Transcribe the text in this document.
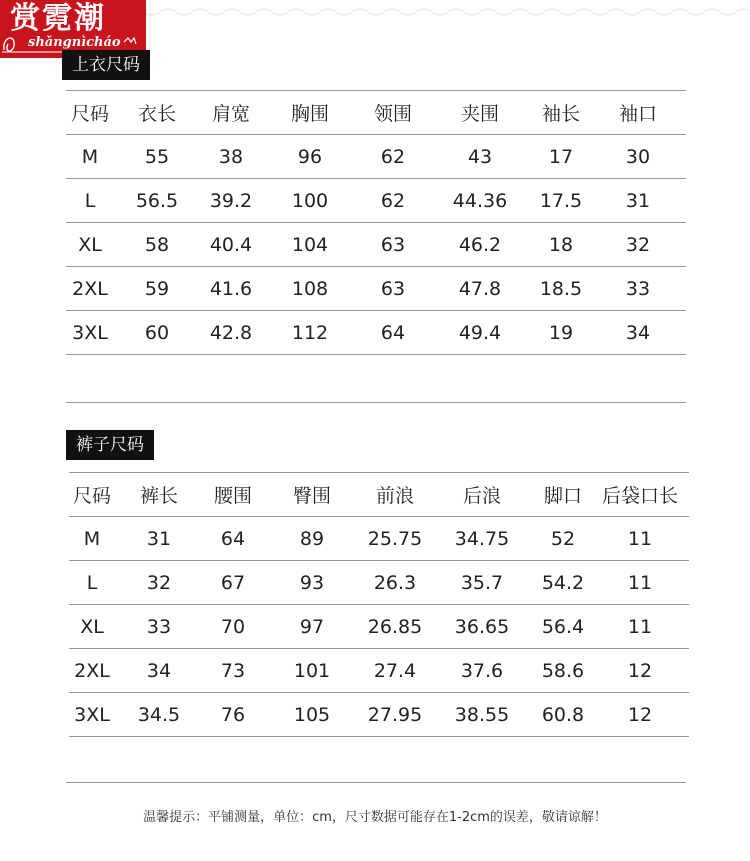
赏霓潮
shǎngnìcháo
上衣尺码
尺码	衣长	肩宽	胸围	领围	夹围	袖长	袖口
M	55	38	96	62	43	17	30
L	56.5	39.2	100	62	44.36	17.5	31
XL	58	40.4	104	63	46.2	18	32
2XL	59	41.6	108	63	47.8	18.5	33
3XL	60	42.8	112	64	49.4	19	34
裤子尺码
尺码	裤长	腰围	臀围	前浪	后浪	脚口	后袋口长
M	31	64	89	25.75	34.75	52	11
L	32	67	93	26.3	35.7	54.2	11
XL	33	70	97	26.85	36.65	56.4	11
2XL	34	73	101	27.4	37.6	58.6	12
3XL	34.5	76	105	27.95	38.55	60.8	12
温馨提示：平铺测量，单位：cm，尺寸数据可能存在1-2cm的误差，敬请谅解！
